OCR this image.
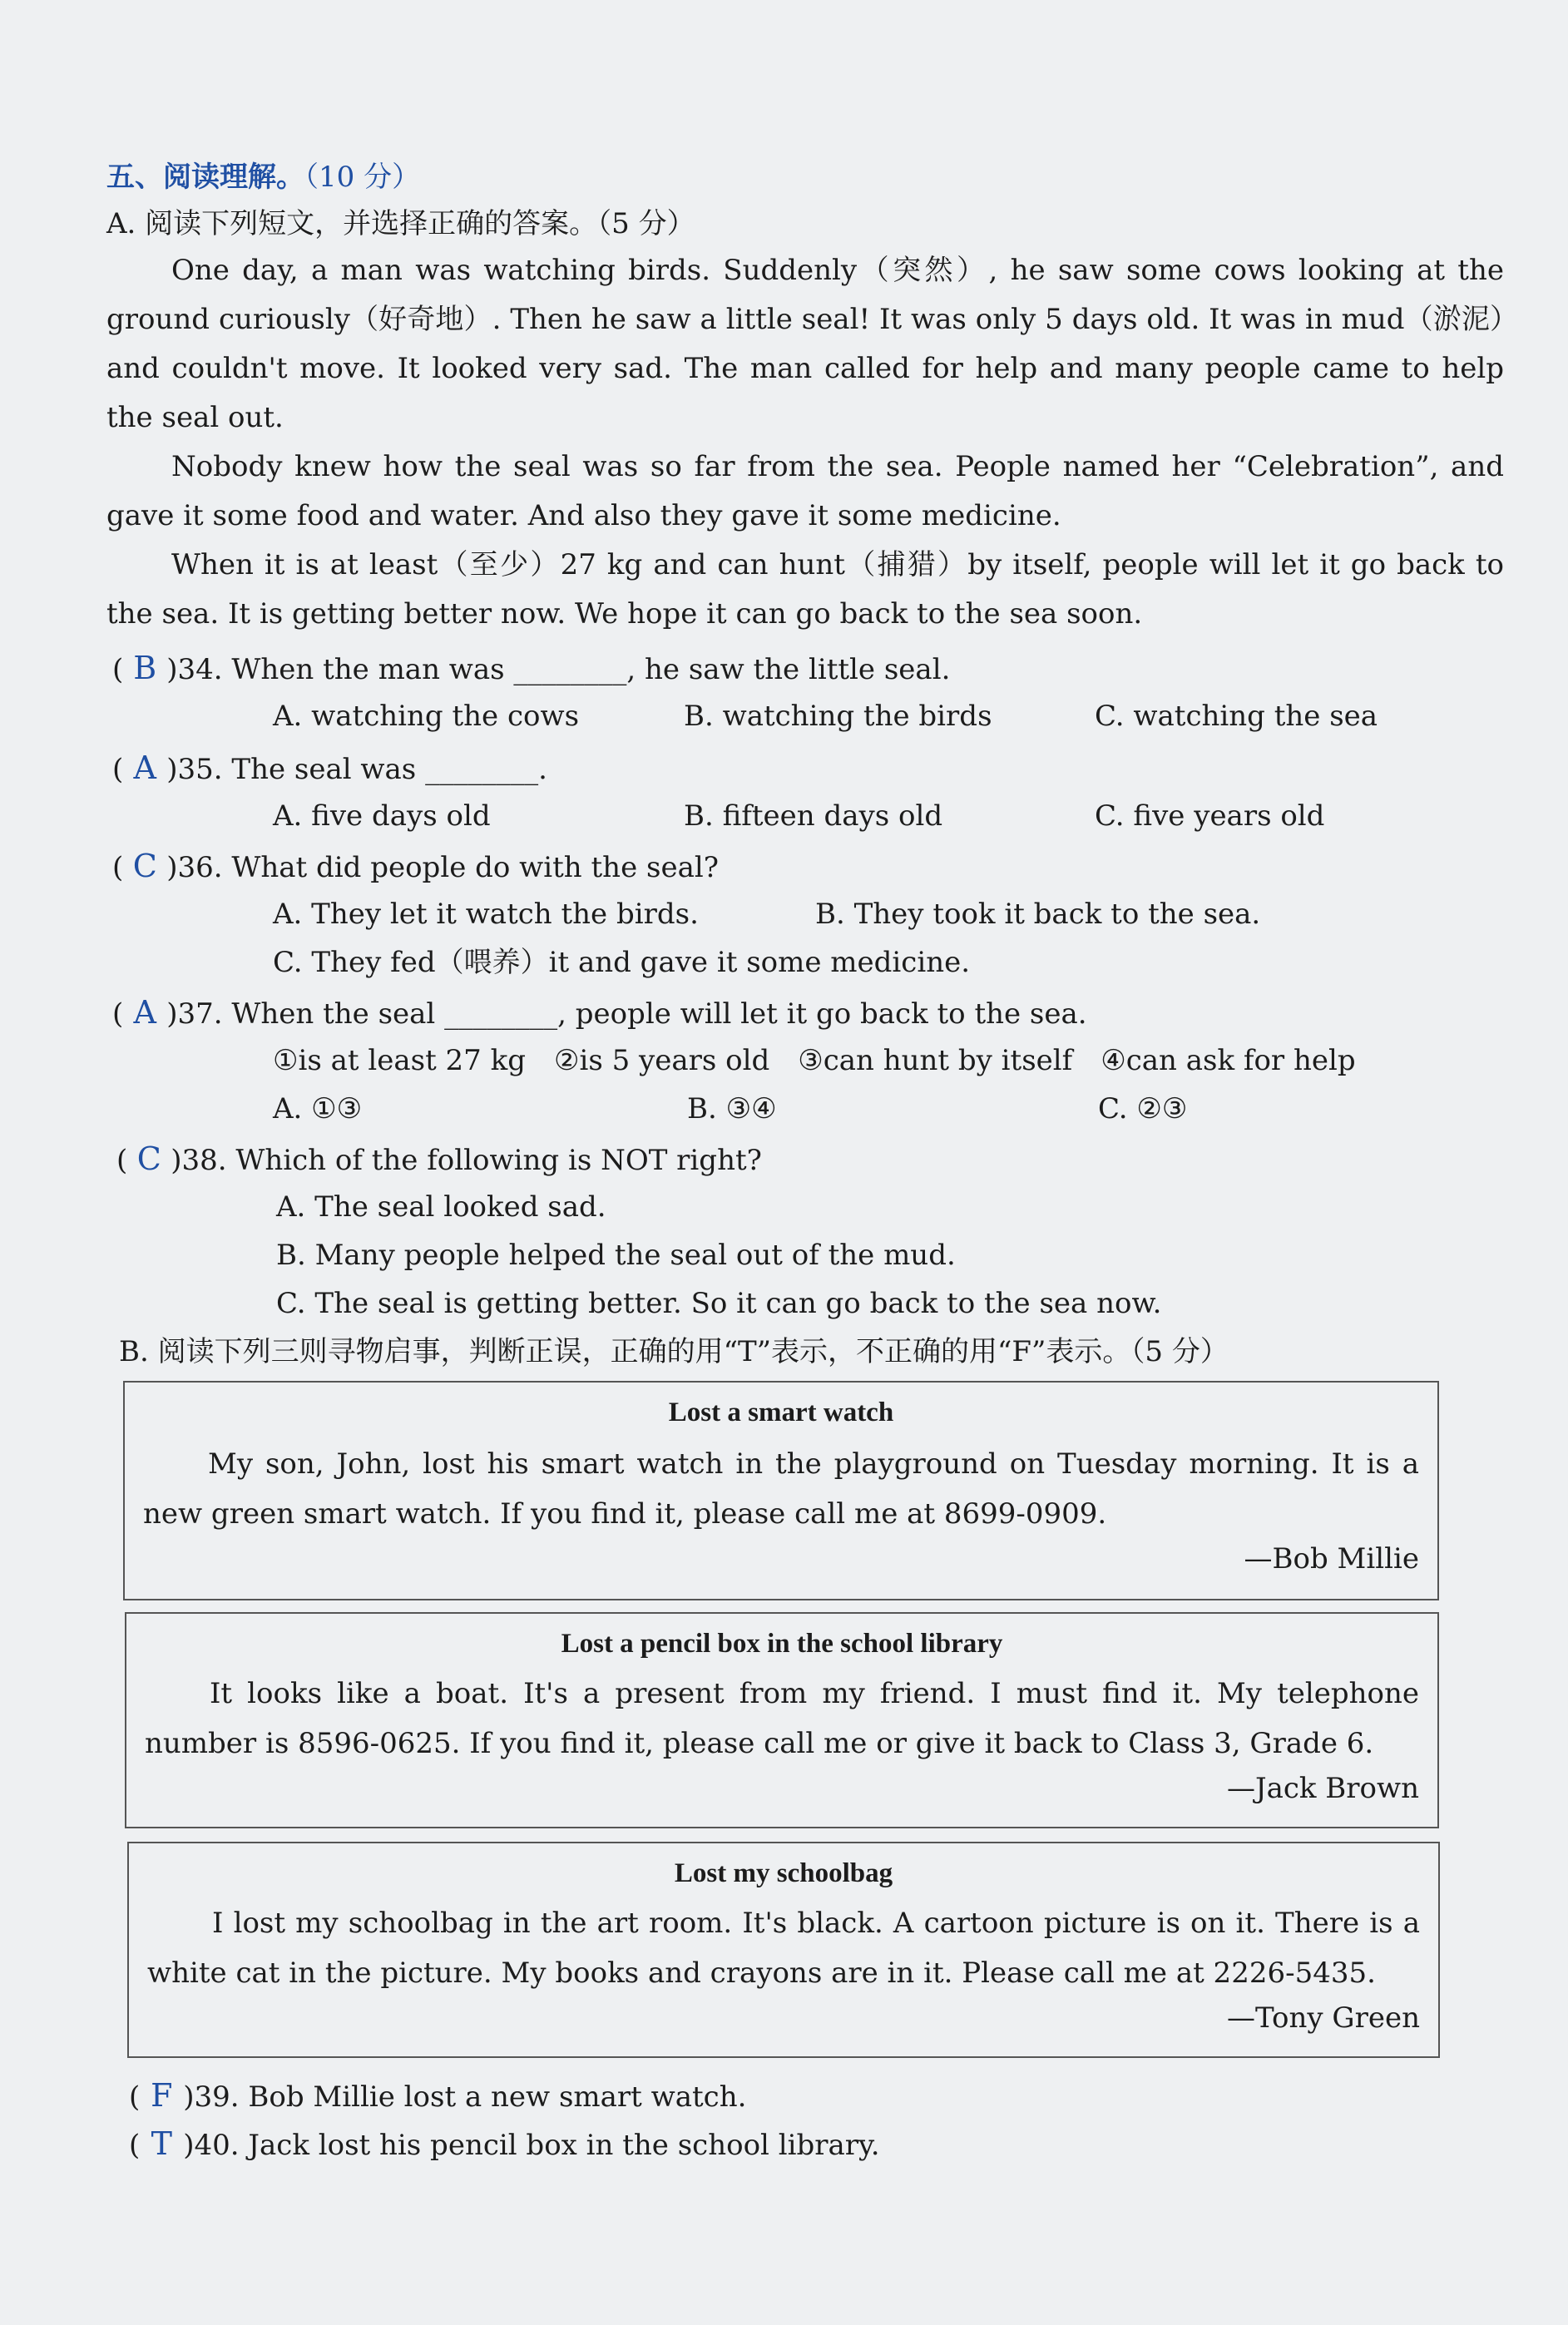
五、阅读理解。（10 分）
A. 阅读下列短文，并选择正确的答案。（5 分）
One day, a man was watching birds. Suddenly（突然）, he saw some cows looking at the ground curiously（好奇地）. Then he saw a little seal! It was only 5 days old. It was in mud（淤泥）and couldn't move. It looked very sad. The man called for help and many people came to help the seal out.
Nobody knew how the seal was so far from the sea. People named her “Celebration”, and gave it some food and water. And also they gave it some medicine.
When it is at least（至少）27 kg and can hunt（捕猎）by itself, people will let it go back to the sea. It is getting better now. We hope it can go back to the sea soon.
( B )34. When the man was ________, he saw the little seal.
A. watching the cows	B. watching the birds	C. watching the sea
( A )35. The seal was ________.
A. five days old	B. fifteen days old	C. five years old
( C )36. What did people do with the seal?
A. They let it watch the birds.	B. They took it back to the sea.
C. They fed（喂养）it and gave it some medicine.
( A )37. When the seal ________, people will let it go back to the sea.
①is at least 27 kg　②is 5 years old　③can hunt by itself　④can ask for help
A. ①③	B. ③④	C. ②③
( C )38. Which of the following is NOT right?
A. The seal looked sad.
B. Many people helped the seal out of the mud.
C. The seal is getting better. So it can go back to the sea now.
B. 阅读下列三则寻物启事，判断正误，正确的用“T”表示，不正确的用“F”表示。（5 分）
Lost a smart watch
My son, John, lost his smart watch in the playground on Tuesday morning. It is a new green smart watch. If you find it, please call me at 8699-0909.
—Bob Millie
Lost a pencil box in the school library
It looks like a boat. It's a present from my friend. I must find it. My telephone number is 8596-0625. If you find it, please call me or give it back to Class 3, Grade 6.
—Jack Brown
Lost my schoolbag
I lost my schoolbag in the art room. It's black. A cartoon picture is on it. There is a white cat in the picture. My books and crayons are in it. Please call me at 2226-5435.
—Tony Green
( F )39. Bob Millie lost a new smart watch.
( T )40. Jack lost his pencil box in the school library.
